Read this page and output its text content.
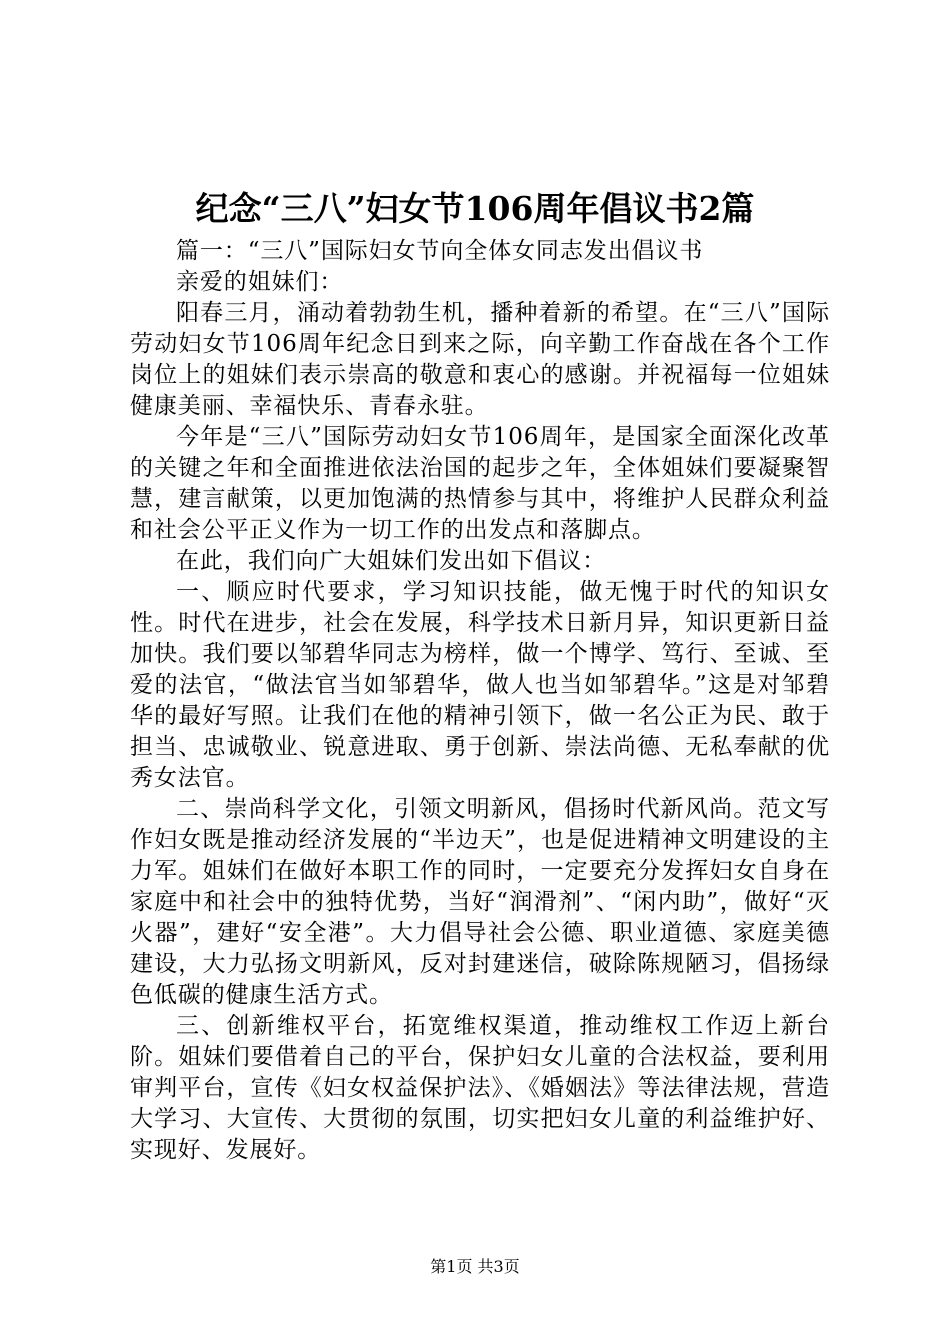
纪念“三八”妇女节106周年倡议书2篇

篇一：“三八”国际妇女节向全体女同志发出倡议书

亲爱的姐妹们：

阳春三月，涌动着勃勃生机，播种着新的希望。在“三八”国际劳动妇女节106周年纪念日到来之际，向辛勤工作奋战在各个工作岗位上的姐妹们表示崇高的敬意和衷心的感谢。并祝福每一位姐妹健康美丽、幸福快乐、青春永驻。

今年是“三八”国际劳动妇女节106周年，是国家全面深化改革的关键之年和全面推进依法治国的起步之年，全体姐妹们要凝聚智慧，建言献策，以更加饱满的热情参与其中，将维护人民群众利益和社会公平正义作为一切工作的出发点和落脚点。

在此，我们向广大姐妹们发出如下倡议：

一、顺应时代要求，学习知识技能，做无愧于时代的知识女性。时代在进步，社会在发展，科学技术日新月异，知识更新日益加快。我们要以邹碧华同志为榜样，做一个博学、笃行、至诚、至爱的法官，“做法官当如邹碧华，做人也当如邹碧华。”这是对邹碧华的最好写照。让我们在他的精神引领下，做一名公正为民、敢于担当、忠诚敬业、锐意进取、勇于创新、崇法尚德、无私奉献的优秀女法官。

二、崇尚科学文化，引领文明新风，倡扬时代新风尚。范文写作妇女既是推动经济发展的“半边天”，也是促进精神文明建设的主力军。姐妹们在做好本职工作的同时，一定要充分发挥妇女自身在家庭中和社会中的独特优势，当好“润滑剂”、“闲内助”，做好“灭火器”，建好“安全港”。大力倡导社会公德、职业道德、家庭美德建设，大力弘扬文明新风，反对封建迷信，破除陈规陋习，倡扬绿色低碳的健康生活方式。

三、创新维权平台，拓宽维权渠道，推动维权工作迈上新台阶。姐妹们要借着自己的平台，保护妇女儿童的合法权益，要利用审判平台，宣传《妇女权益保护法》、《婚姻法》等法律法规，营造大学习、大宣传、大贯彻的氛围，切实把妇女儿童的利益维护好、实现好、发展好。

第1页 共3页
